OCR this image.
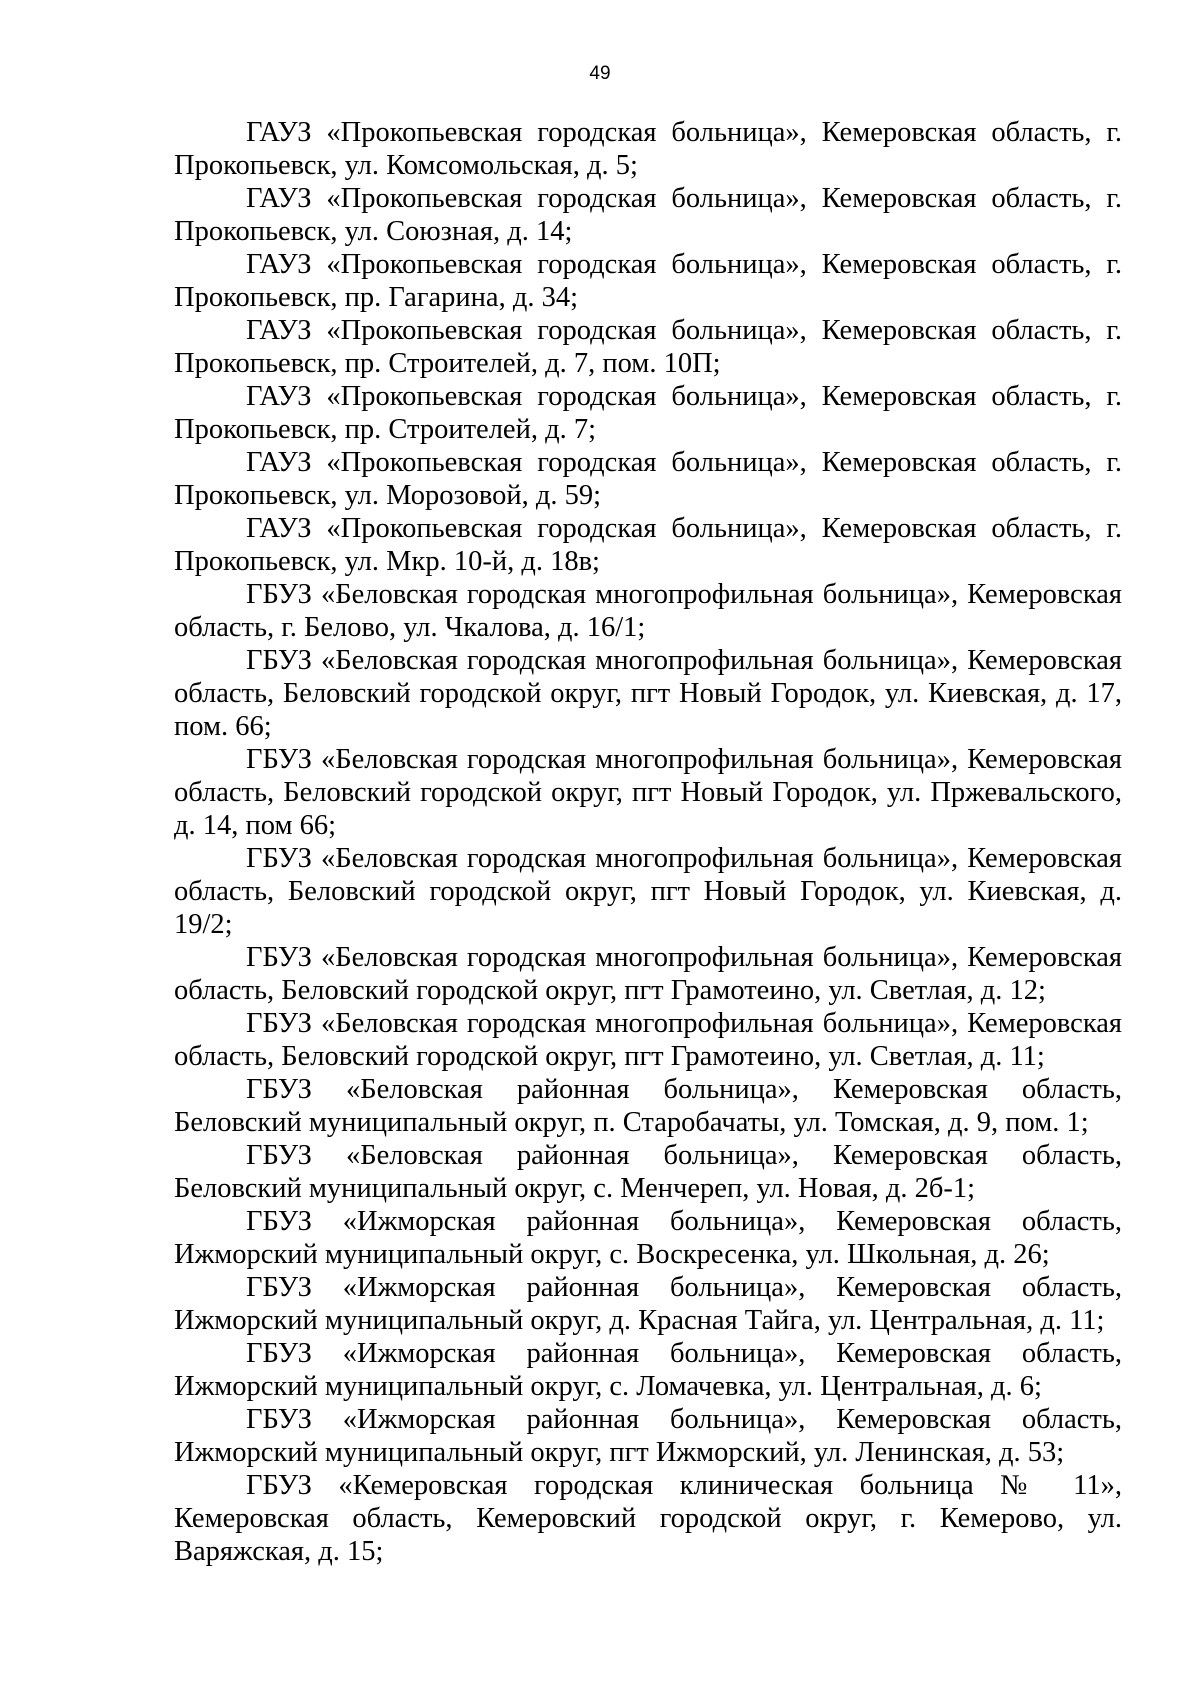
49

ГАУЗ «Прокопьевская городская больница», Кемеровская область, г. Прокопьевск, ул. Комсомольская, д. 5;

ГАУЗ «Прокопьевская городская больница», Кемеровская область, г. Прокопьевск, ул. Союзная, д. 14;

ГАУЗ «Прокопьевская городская больница», Кемеровская область, г. Прокопьевск, пр. Гагарина, д. 34;

ГАУЗ «Прокопьевская городская больница», Кемеровская область, г. Прокопьевск, пр. Строителей, д. 7, пом. 10П;

ГАУЗ «Прокопьевская городская больница», Кемеровская область, г. Прокопьевск, пр. Строителей, д. 7;

ГАУЗ «Прокопьевская городская больница», Кемеровская область, г. Прокопьевск, ул. Морозовой, д. 59;

ГАУЗ «Прокопьевская городская больница», Кемеровская область, г. Прокопьевск, ул. Мкр. 10-й, д. 18в;

ГБУЗ «Беловская городская многопрофильная больница», Кемеровская область, г. Белово, ул. Чкалова, д. 16/1;

ГБУЗ «Беловская городская многопрофильная больница», Кемеровская область, Беловский городской округ, пгт Новый Городок, ул. Киевская, д. 17, пом. 66;

ГБУЗ «Беловская городская многопрофильная больница», Кемеровская область, Беловский городской округ, пгт Новый Городок, ул. Пржевальского, д. 14, пом 66;

ГБУЗ «Беловская городская многопрофильная больница», Кемеровская область, Беловский городской округ, пгт Новый Городок, ул. Киевская, д. 19/2;

ГБУЗ «Беловская городская многопрофильная больница», Кемеровская область, Беловский городской округ, пгт Грамотеино, ул. Светлая, д. 12;

ГБУЗ «Беловская городская многопрофильная больница», Кемеровская область, Беловский городской округ, пгт Грамотеино, ул. Светлая, д. 11;

ГБУЗ «Беловская районная больница», Кемеровская область, Беловский муниципальный округ, п. Старобачаты, ул. Томская, д. 9, пом. 1;

ГБУЗ «Беловская районная больница», Кемеровская область, Беловский муниципальный округ, с. Менчереп, ул. Новая, д. 2б-1;

ГБУЗ «Ижморская районная больница», Кемеровская область, Ижморский муниципальный округ, с. Воскресенка, ул. Школьная, д. 26;

ГБУЗ «Ижморская районная больница», Кемеровская область, Ижморский муниципальный округ, д. Красная Тайга, ул. Центральная, д. 11;

ГБУЗ «Ижморская районная больница», Кемеровская область, Ижморский муниципальный округ, с. Ломачевка, ул. Центральная, д. 6;

ГБУЗ «Ижморская районная больница», Кемеровская область, Ижморский муниципальный округ, пгт Ижморский, ул. Ленинская, д. 53;

ГБУЗ «Кемеровская городская клиническая больница № 11», Кемеровская область, Кемеровский городской округ, г. Кемерово, ул. Варяжская, д. 15;
